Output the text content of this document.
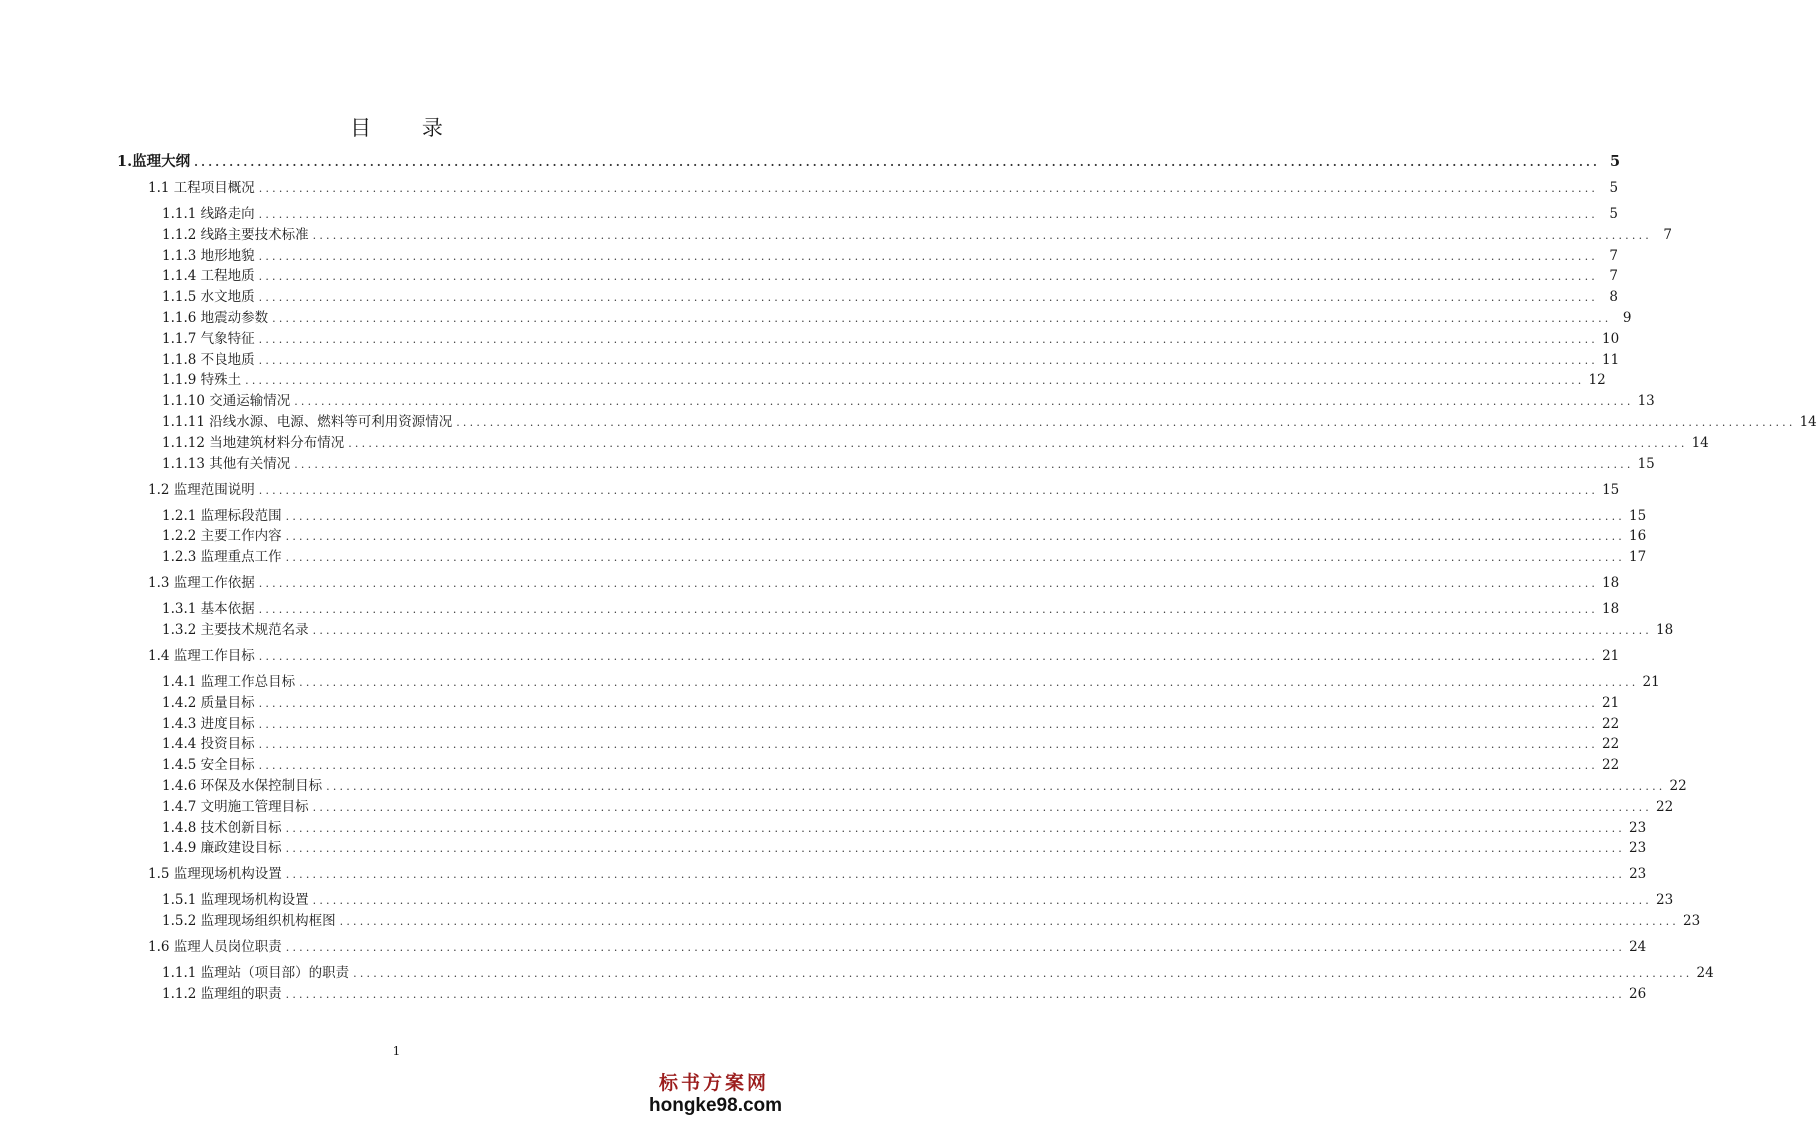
目 录
1.监理大纲 ........................................................................................................................................................................................................ 5
1.1 工程项目概况 ........................................................................................................................................................................................................ 5
1.1.1 线路走向 ........................................................................................................................................................................................................ 5
1.1.2 线路主要技术标准 ........................................................................................................................................................................................................ 7
1.1.3 地形地貌 ........................................................................................................................................................................................................ 7
1.1.4 工程地质 ........................................................................................................................................................................................................ 7
1.1.5 水文地质 ........................................................................................................................................................................................................ 8
1.1.6 地震动参数 ........................................................................................................................................................................................................ 9
1.1.7 气象特征 ........................................................................................................................................................................................................ 10
1.1.8 不良地质 ........................................................................................................................................................................................................ 11
1.1.9 特殊土 ........................................................................................................................................................................................................ 12
1.1.10 交通运输情况 ........................................................................................................................................................................................................ 13
1.1.11 沿线水源、电源、燃料等可利用资源情况 ........................................................................................................................................................................................................ 14
1.1.12 当地建筑材料分布情况 ........................................................................................................................................................................................................ 14
1.1.13 其他有关情况 ........................................................................................................................................................................................................ 15
1.2 监理范围说明 ........................................................................................................................................................................................................ 15
1.2.1 监理标段范围 ........................................................................................................................................................................................................ 15
1.2.2 主要工作内容 ........................................................................................................................................................................................................ 16
1.2.3 监理重点工作 ........................................................................................................................................................................................................ 17
1.3 监理工作依据 ........................................................................................................................................................................................................ 18
1.3.1 基本依据 ........................................................................................................................................................................................................ 18
1.3.2 主要技术规范名录 ........................................................................................................................................................................................................ 18
1.4 监理工作目标 ........................................................................................................................................................................................................ 21
1.4.1 监理工作总目标 ........................................................................................................................................................................................................ 21
1.4.2 质量目标 ........................................................................................................................................................................................................ 21
1.4.3 进度目标 ........................................................................................................................................................................................................ 22
1.4.4 投资目标 ........................................................................................................................................................................................................ 22
1.4.5 安全目标 ........................................................................................................................................................................................................ 22
1.4.6 环保及水保控制目标 ........................................................................................................................................................................................................ 22
1.4.7 文明施工管理目标 ........................................................................................................................................................................................................ 22
1.4.8 技术创新目标 ........................................................................................................................................................................................................ 23
1.4.9 廉政建设目标 ........................................................................................................................................................................................................ 23
1.5 监理现场机构设置 ........................................................................................................................................................................................................ 23
1.5.1 监理现场机构设置 ........................................................................................................................................................................................................ 23
1.5.2 监理现场组织机构框图 ........................................................................................................................................................................................................ 23
1.6 监理人员岗位职责 ........................................................................................................................................................................................................ 24
1.1.1 监理站（项目部）的职责 ........................................................................................................................................................................................................ 24
1.1.2 监理组的职责 ........................................................................................................................................................................................................ 26
1
标书方案网
hongke98.com
